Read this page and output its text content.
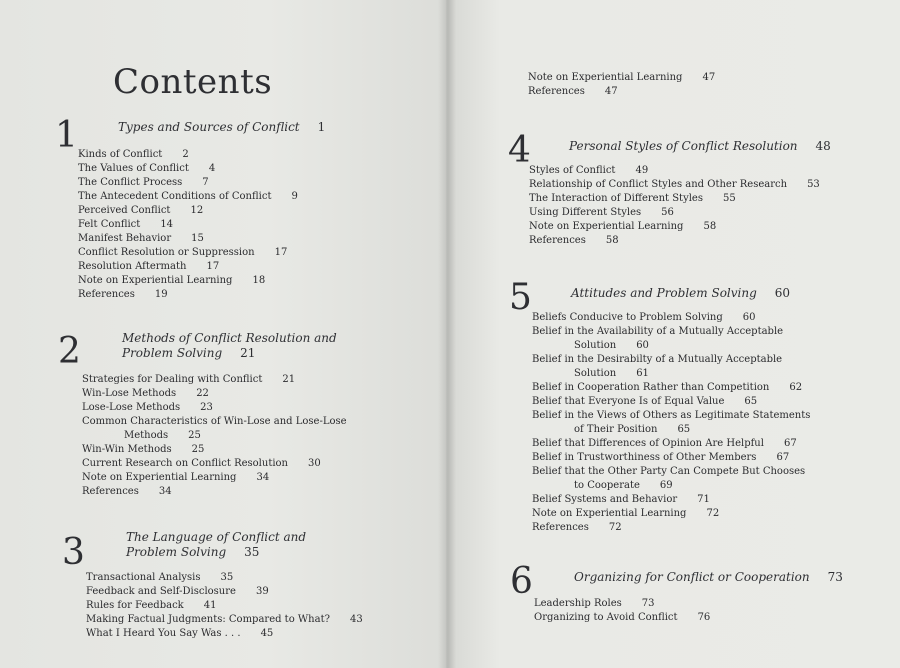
Contents
1	Types and Sources of Conflict 1
Kinds of Conflict 2
The Values of Conflict 4
The Conflict Process 7
The Antecedent Conditions of Conflict 9
Perceived Conflict 12
Felt Conflict 14
Manifest Behavior 15
Conflict Resolution or Suppression 17
Resolution Aftermath 17
Note on Experiential Learning 18
References 19
2	Methods of Conflict Resolution and
Problem Solving 21
Strategies for Dealing with Conflict 21
Win-Lose Methods 22
Lose-Lose Methods 23
Common Characteristics of Win-Lose and Lose-Lose
Methods 25
Win-Win Methods 25
Current Research on Conflict Resolution 30
Note on Experiential Learning 34
References 34
3	The Language of Conflict and
Problem Solving 35
Transactional Analysis 35
Feedback and Self-Disclosure 39
Rules for Feedback 41
Making Factual Judgments: Compared to What? 43
What I Heard You Say Was . . . 45
Note on Experiential Learning 47
References 47
4	Personal Styles of Conflict Resolution 48
Styles of Conflict 49
Relationship of Conflict Styles and Other Research 53
The Interaction of Different Styles 55
Using Different Styles 56
Note on Experiential Learning 58
References 58
5	Attitudes and Problem Solving 60
Beliefs Conducive to Problem Solving 60
Belief in the Availability of a Mutually Acceptable
Solution 60
Belief in the Desirabilty of a Mutually Acceptable
Solution 61
Belief in Cooperation Rather than Competition 62
Belief that Everyone Is of Equal Value 65
Belief in the Views of Others as Legitimate Statements
of Their Position 65
Belief that Differences of Opinion Are Helpful 67
Belief in Trustworthiness of Other Members 67
Belief that the Other Party Can Compete But Chooses
to Cooperate 69
Belief Systems and Behavior 71
Note on Experiential Learning 72
References 72
6	Organizing for Conflict or Cooperation 73
Leadership Roles 73
Organizing to Avoid Conflict 76
